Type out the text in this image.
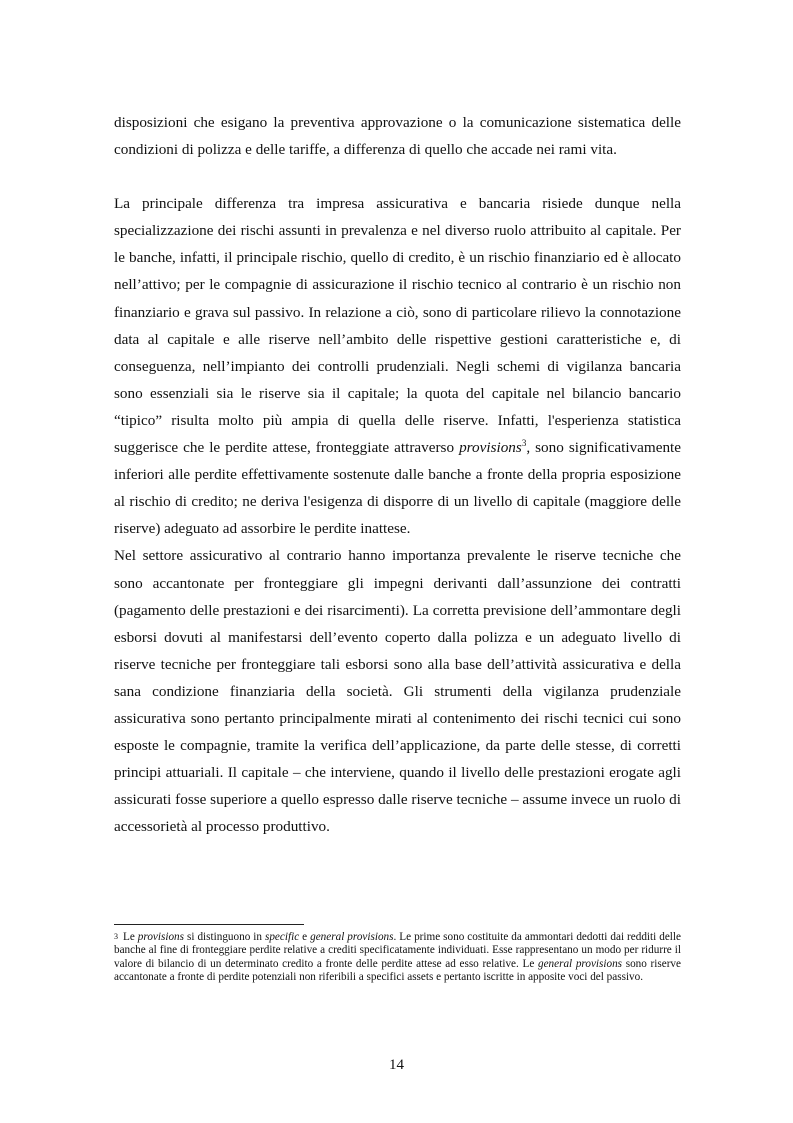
disposizioni che esigano la preventiva approvazione o la comunicazione sistematica delle condizioni di polizza e delle tariffe, a differenza di quello che accade nei rami vita.

La principale differenza tra impresa assicurativa e bancaria risiede dunque nella specializzazione dei rischi assunti in prevalenza e nel diverso ruolo attribuito al capitale. Per le banche, infatti, il principale rischio, quello di credito, è un rischio finanziario ed è allocato nell’attivo; per le compagnie di assicurazione il rischio tecnico al contrario è un rischio non finanziario e grava sul passivo. In relazione a ciò, sono di particolare rilievo la connotazione data al capitale e alle riserve nell’ambito delle rispettive gestioni caratteristiche e, di conseguenza, nell’impianto dei controlli prudenziali. Negli schemi di vigilanza bancaria sono essenziali sia le riserve sia il capitale; la quota del capitale nel bilancio bancario “tipico” risulta molto più ampia di quella delle riserve. Infatti, l'esperienza statistica suggerisce che le perdite attese, fronteggiate attraverso provisions$^3$, sono significativamente inferiori alle perdite effettivamente sostenute dalle banche a fronte della propria esposizione al rischio di credito; ne deriva l'esigenza di disporre di un livello di capitale (maggiore delle riserve) adeguato ad assorbire le perdite inattese.

Nel settore assicurativo al contrario hanno importanza prevalente le riserve tecniche che sono accantonate per fronteggiare gli impegni derivanti dall’assunzione dei contratti (pagamento delle prestazioni e dei risarcimenti). La corretta previsione dell’ammontare degli esborsi dovuti al manifestarsi dell’evento coperto dalla polizza e un adeguato livello di riserve tecniche per fronteggiare tali esborsi sono alla base dell’attività assicurativa e della sana condizione finanziaria della società. Gli strumenti della vigilanza prudenziale assicurativa sono pertanto principalmente mirati al contenimento dei rischi tecnici cui sono esposte le compagnie, tramite la verifica dell’applicazione, da parte delle stesse, di corretti principi attuariali. Il capitale – che interviene, quando il livello delle prestazioni erogate agli assicurati fosse superiore a quello espresso dalle riserve tecniche – assume invece un ruolo di accessorietà al processo produttivo.

$^3$ Le provisions si distinguono in specific e general provisions. Le prime sono costituite da ammontari dedotti dai redditi delle banche al fine di fronteggiare perdite relative a crediti specificatamente individuati. Esse rappresentano un modo per ridurre il valore di bilancio di un determinato credito a fronte delle perdite attese ad esso relative. Le general provisions sono riserve accantonate a fronte di perdite potenziali non riferibili a specifici assets e pertanto iscritte in apposite voci del passivo.
14
